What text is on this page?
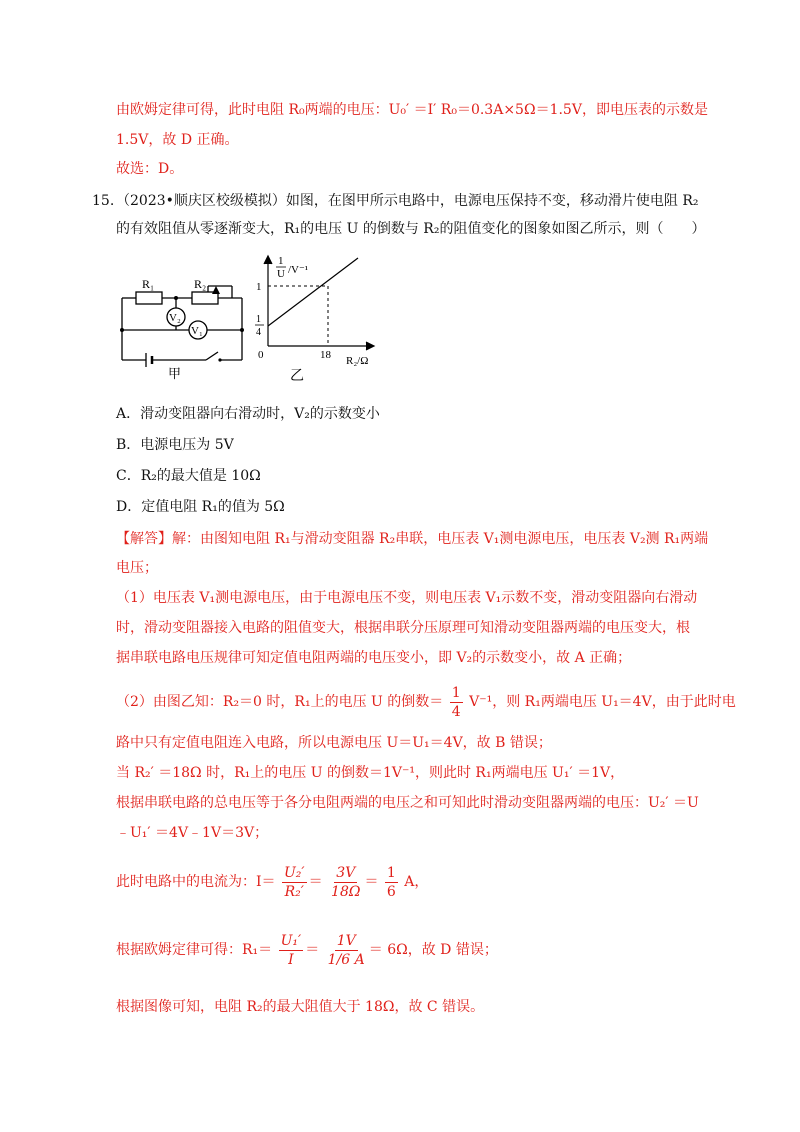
由欧姆定律可得，此时电阻 R₀两端的电压：U₀′ ＝I′ R₀＝0.3A×5Ω＝1.5V，即电压表的示数是
1.5V，故 D 正确。
故选：D。
15. （2023•顺庆区校级模拟）如图，在图甲所示电路中，电源电压保持不变，移动滑片使电阻 R₂
的有效阻值从零逐渐变大，R₁的电压 U 的倒数与 R₂的阻值变化的图象如图乙所示，则（　　）
R₁	R₂
V₂
V₁
甲
1
U /V⁻¹
1
1
4
0	18 R₂/Ω
乙
A．滑动变阻器向右滑动时，V₂的示数变小
B．电源电压为 5V
C．R₂的最大值是 10Ω
D．定值电阻 R₁的值为 5Ω
【解答】解：由图知电阻 R₁与滑动变阻器 R₂串联，电压表 V₁测电源电压，电压表 V₂测 R₁两端
电压；
（1）电压表 V₁测电源电压，由于电源电压不变，则电压表 V₁示数不变，滑动变阻器向右滑动
时，滑动变阻器接入电路的阻值变大，根据串联分压原理可知滑动变阻器两端的电压变大，根
据串联电路电压规律可知定值电阻两端的电压变小，即 V₂的示数变小，故 A 正确；
（2）由图乙知：R₂＝0 时，R₁上的电压 U 的倒数＝ $\frac{1}{4} V^{-1}$，则 R₁两端电压 U₁＝4V，由于此时电
路中只有定值电阻连入电路，所以电源电压 U＝U₁＝4V，故 B 错误；
当 R₂′ ＝18Ω 时，R₁上的电压 U 的倒数＝1V⁻¹，则此时 R₁两端电压 U₁′ ＝1V，
根据串联电路的总电压等于各分电阻两端的电压之和可知此时滑动变阻器两端的电压：U₂′ ＝U
﹣U₁′ ＝4V﹣1V＝3V；
此时电路中的电流为：$I= \frac{\text{U₂′}}{\text{R₂′}} = \frac{3V}{18\Omega} = \frac{1}{6}$ A，
根据欧姆定律可得：$R_1= \frac{\text{U₁′}}{I} = \frac{1V}{1/6 A} = 6\Omega$，故 D 错误；
根据图像可知，电阻 R₂的最大阻值大于 18Ω，故 C 错误。
